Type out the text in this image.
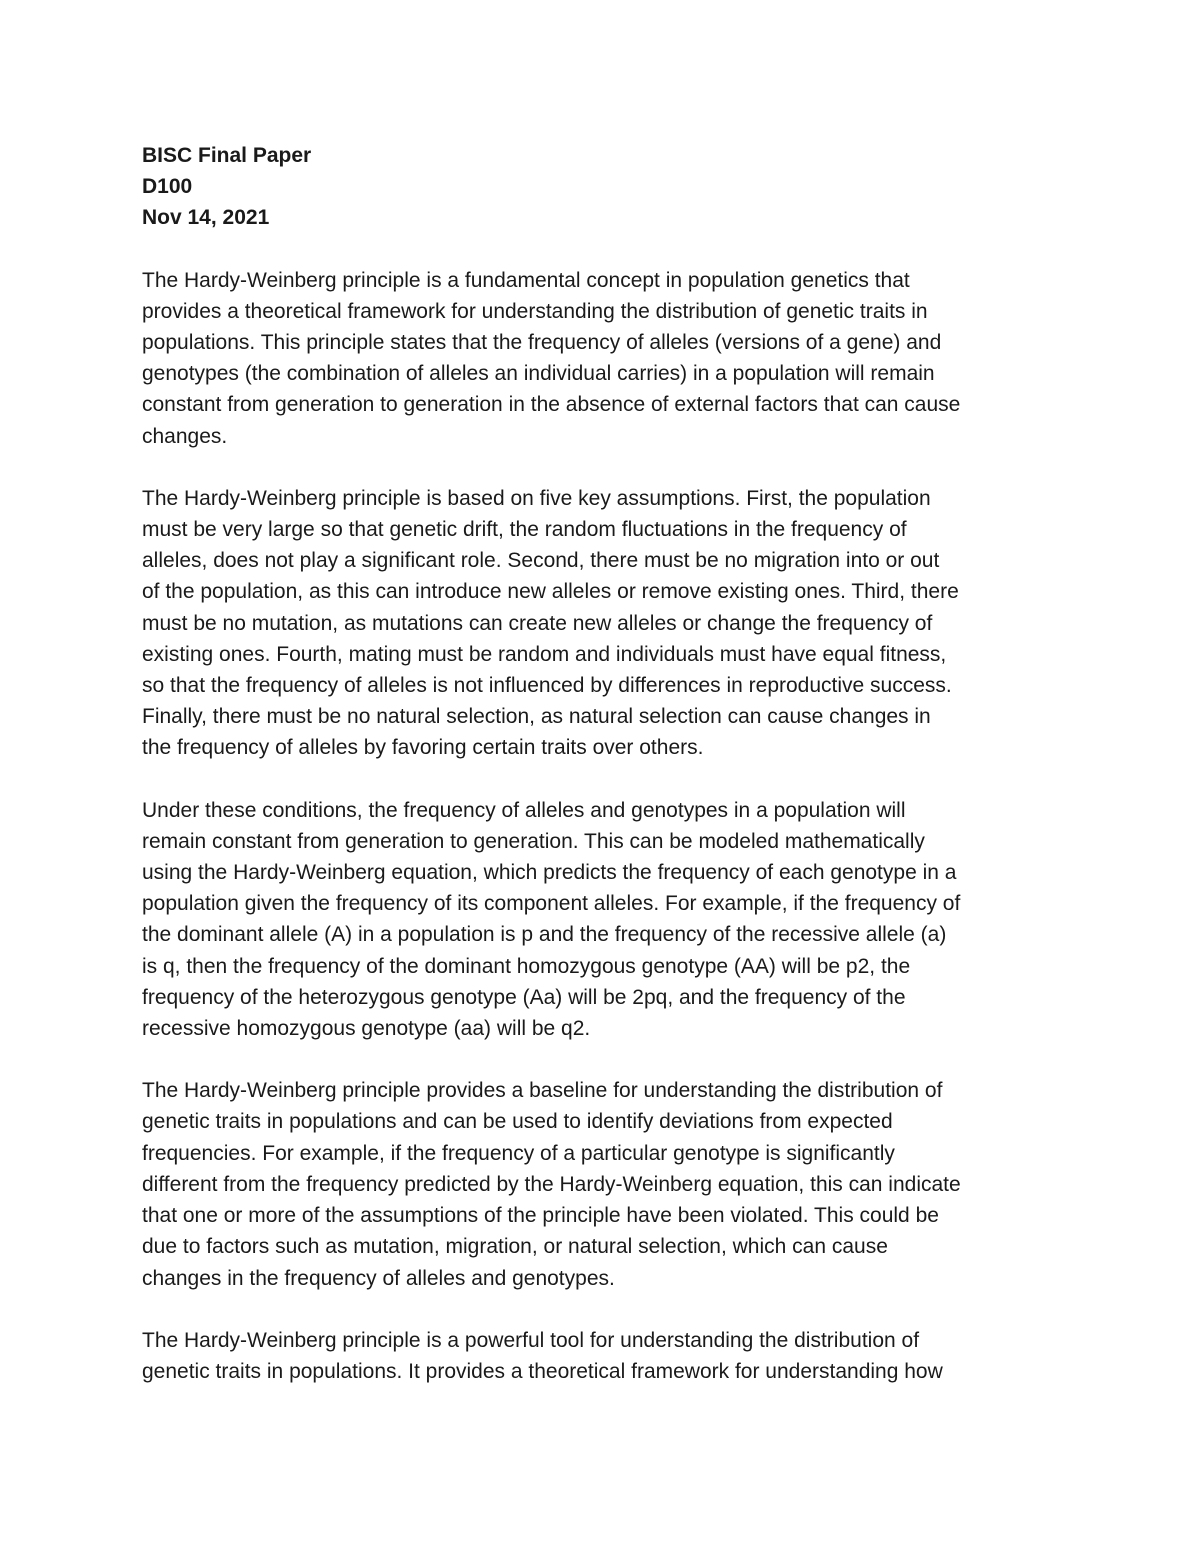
BISC Final Paper
D100
Nov 14, 2021

The Hardy-Weinberg principle is a fundamental concept in population genetics that
provides a theoretical framework for understanding the distribution of genetic traits in
populations. This principle states that the frequency of alleles (versions of a gene) and
genotypes (the combination of alleles an individual carries) in a population will remain
constant from generation to generation in the absence of external factors that can cause
changes.

The Hardy-Weinberg principle is based on five key assumptions. First, the population
must be very large so that genetic drift, the random fluctuations in the frequency of
alleles, does not play a significant role. Second, there must be no migration into or out
of the population, as this can introduce new alleles or remove existing ones. Third, there
must be no mutation, as mutations can create new alleles or change the frequency of
existing ones. Fourth, mating must be random and individuals must have equal fitness,
so that the frequency of alleles is not influenced by differences in reproductive success.
Finally, there must be no natural selection, as natural selection can cause changes in
the frequency of alleles by favoring certain traits over others.

Under these conditions, the frequency of alleles and genotypes in a population will
remain constant from generation to generation. This can be modeled mathematically
using the Hardy-Weinberg equation, which predicts the frequency of each genotype in a
population given the frequency of its component alleles. For example, if the frequency of
the dominant allele (A) in a population is p and the frequency of the recessive allele (a)
is q, then the frequency of the dominant homozygous genotype (AA) will be p2, the
frequency of the heterozygous genotype (Aa) will be 2pq, and the frequency of the
recessive homozygous genotype (aa) will be q2.

The Hardy-Weinberg principle provides a baseline for understanding the distribution of
genetic traits in populations and can be used to identify deviations from expected
frequencies. For example, if the frequency of a particular genotype is significantly
different from the frequency predicted by the Hardy-Weinberg equation, this can indicate
that one or more of the assumptions of the principle have been violated. This could be
due to factors such as mutation, migration, or natural selection, which can cause
changes in the frequency of alleles and genotypes.

The Hardy-Weinberg principle is a powerful tool for understanding the distribution of
genetic traits in populations. It provides a theoretical framework for understanding how
